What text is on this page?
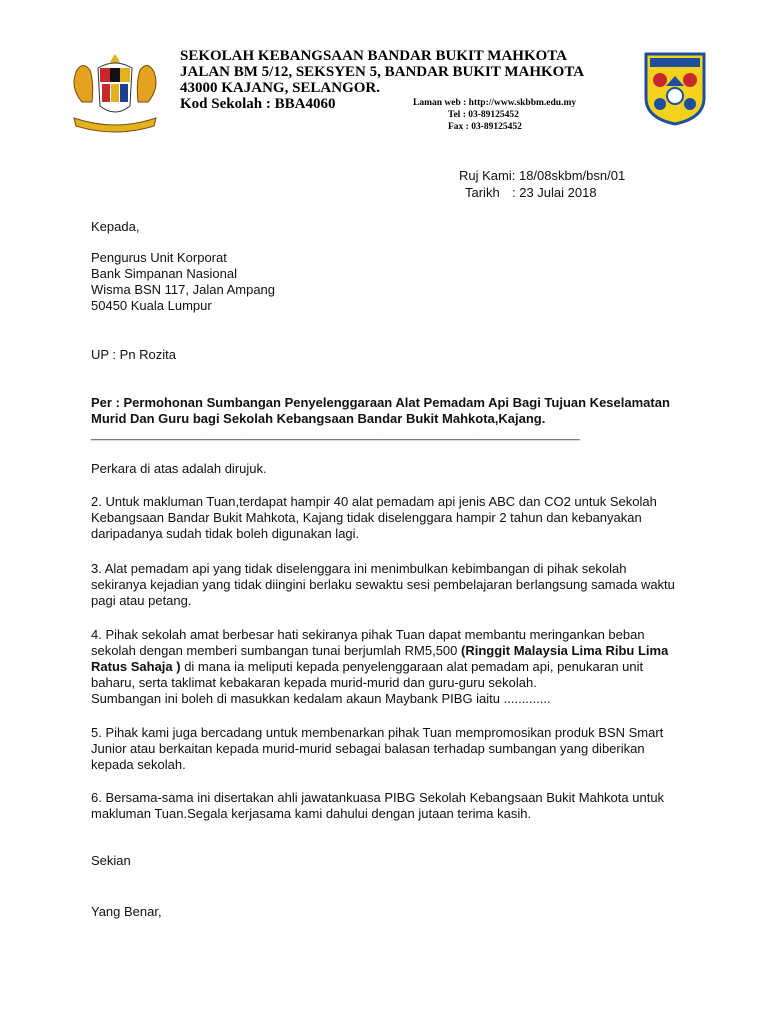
SEKOLAH KEBANGSAAN BANDAR BUKIT MAHKOTA
JALAN BM 5/12, SEKSYEN 5, BANDAR BUKIT MAHKOTA
43000 KAJANG, SELANGOR.
Kod Sekolah : BBA4060	Laman web : http://www.skbbm.edu.my
Tel : 03-89125452
Fax : 03-89125452
Ruj Kami: 18/08skbm/bsn/01
Tarikh : 23 Julai 2018
Kepada,
Pengurus Unit Korporat
Bank Simpanan Nasional
Wisma BSN 117, Jalan Ampang
50450 Kuala Lumpur
UP : Pn Rozita
Per : Permohonan Sumbangan Penyelenggaraan Alat Pemadam Api Bagi Tujuan Keselamatan
Murid Dan Guru bagi Sekolah Kebangsaan Bandar Bukit Mahkota,Kajang.
______________________________________________________________________________
Perkara di atas adalah dirujuk.
2. Untuk makluman Tuan,terdapat hampir 40 alat pemadam api jenis ABC dan CO2 untuk Sekolah
Kebangsaan Bandar Bukit Mahkota, Kajang tidak diselenggara hampir 2 tahun dan kebanyakan
daripadanya sudah tidak boleh digunakan lagi.
3. Alat pemadam api yang tidak diselenggara ini menimbulkan kebimbangan di pihak sekolah
sekiranya kejadian yang tidak diingini berlaku sewaktu sesi pembelajaran berlangsung samada waktu
pagi atau petang.
4. Pihak sekolah amat berbesar hati sekiranya pihak Tuan dapat membantu meringankan beban
sekolah dengan memberi sumbangan tunai berjumlah RM5,500 (Ringgit Malaysia Lima Ribu Lima
Ratus Sahaja ) di mana ia meliputi kepada penyelenggaraan alat pemadam api, penukaran unit
baharu, serta taklimat kebakaran kepada murid-murid dan guru-guru sekolah.
Sumbangan ini boleh di masukkan kedalam akaun Maybank PIBG iaitu .............
5. Pihak kami juga bercadang untuk membenarkan pihak Tuan mempromosikan produk BSN Smart
Junior atau berkaitan kepada murid-murid sebagai balasan terhadap sumbangan yang diberikan
kepada sekolah.
6. Bersama-sama ini disertakan ahli jawatankuasa PIBG Sekolah Kebangsaan Bukit Mahkota untuk
makluman Tuan.Segala kerjasama kami dahului dengan jutaan terima kasih.
Sekian
Yang Benar,
